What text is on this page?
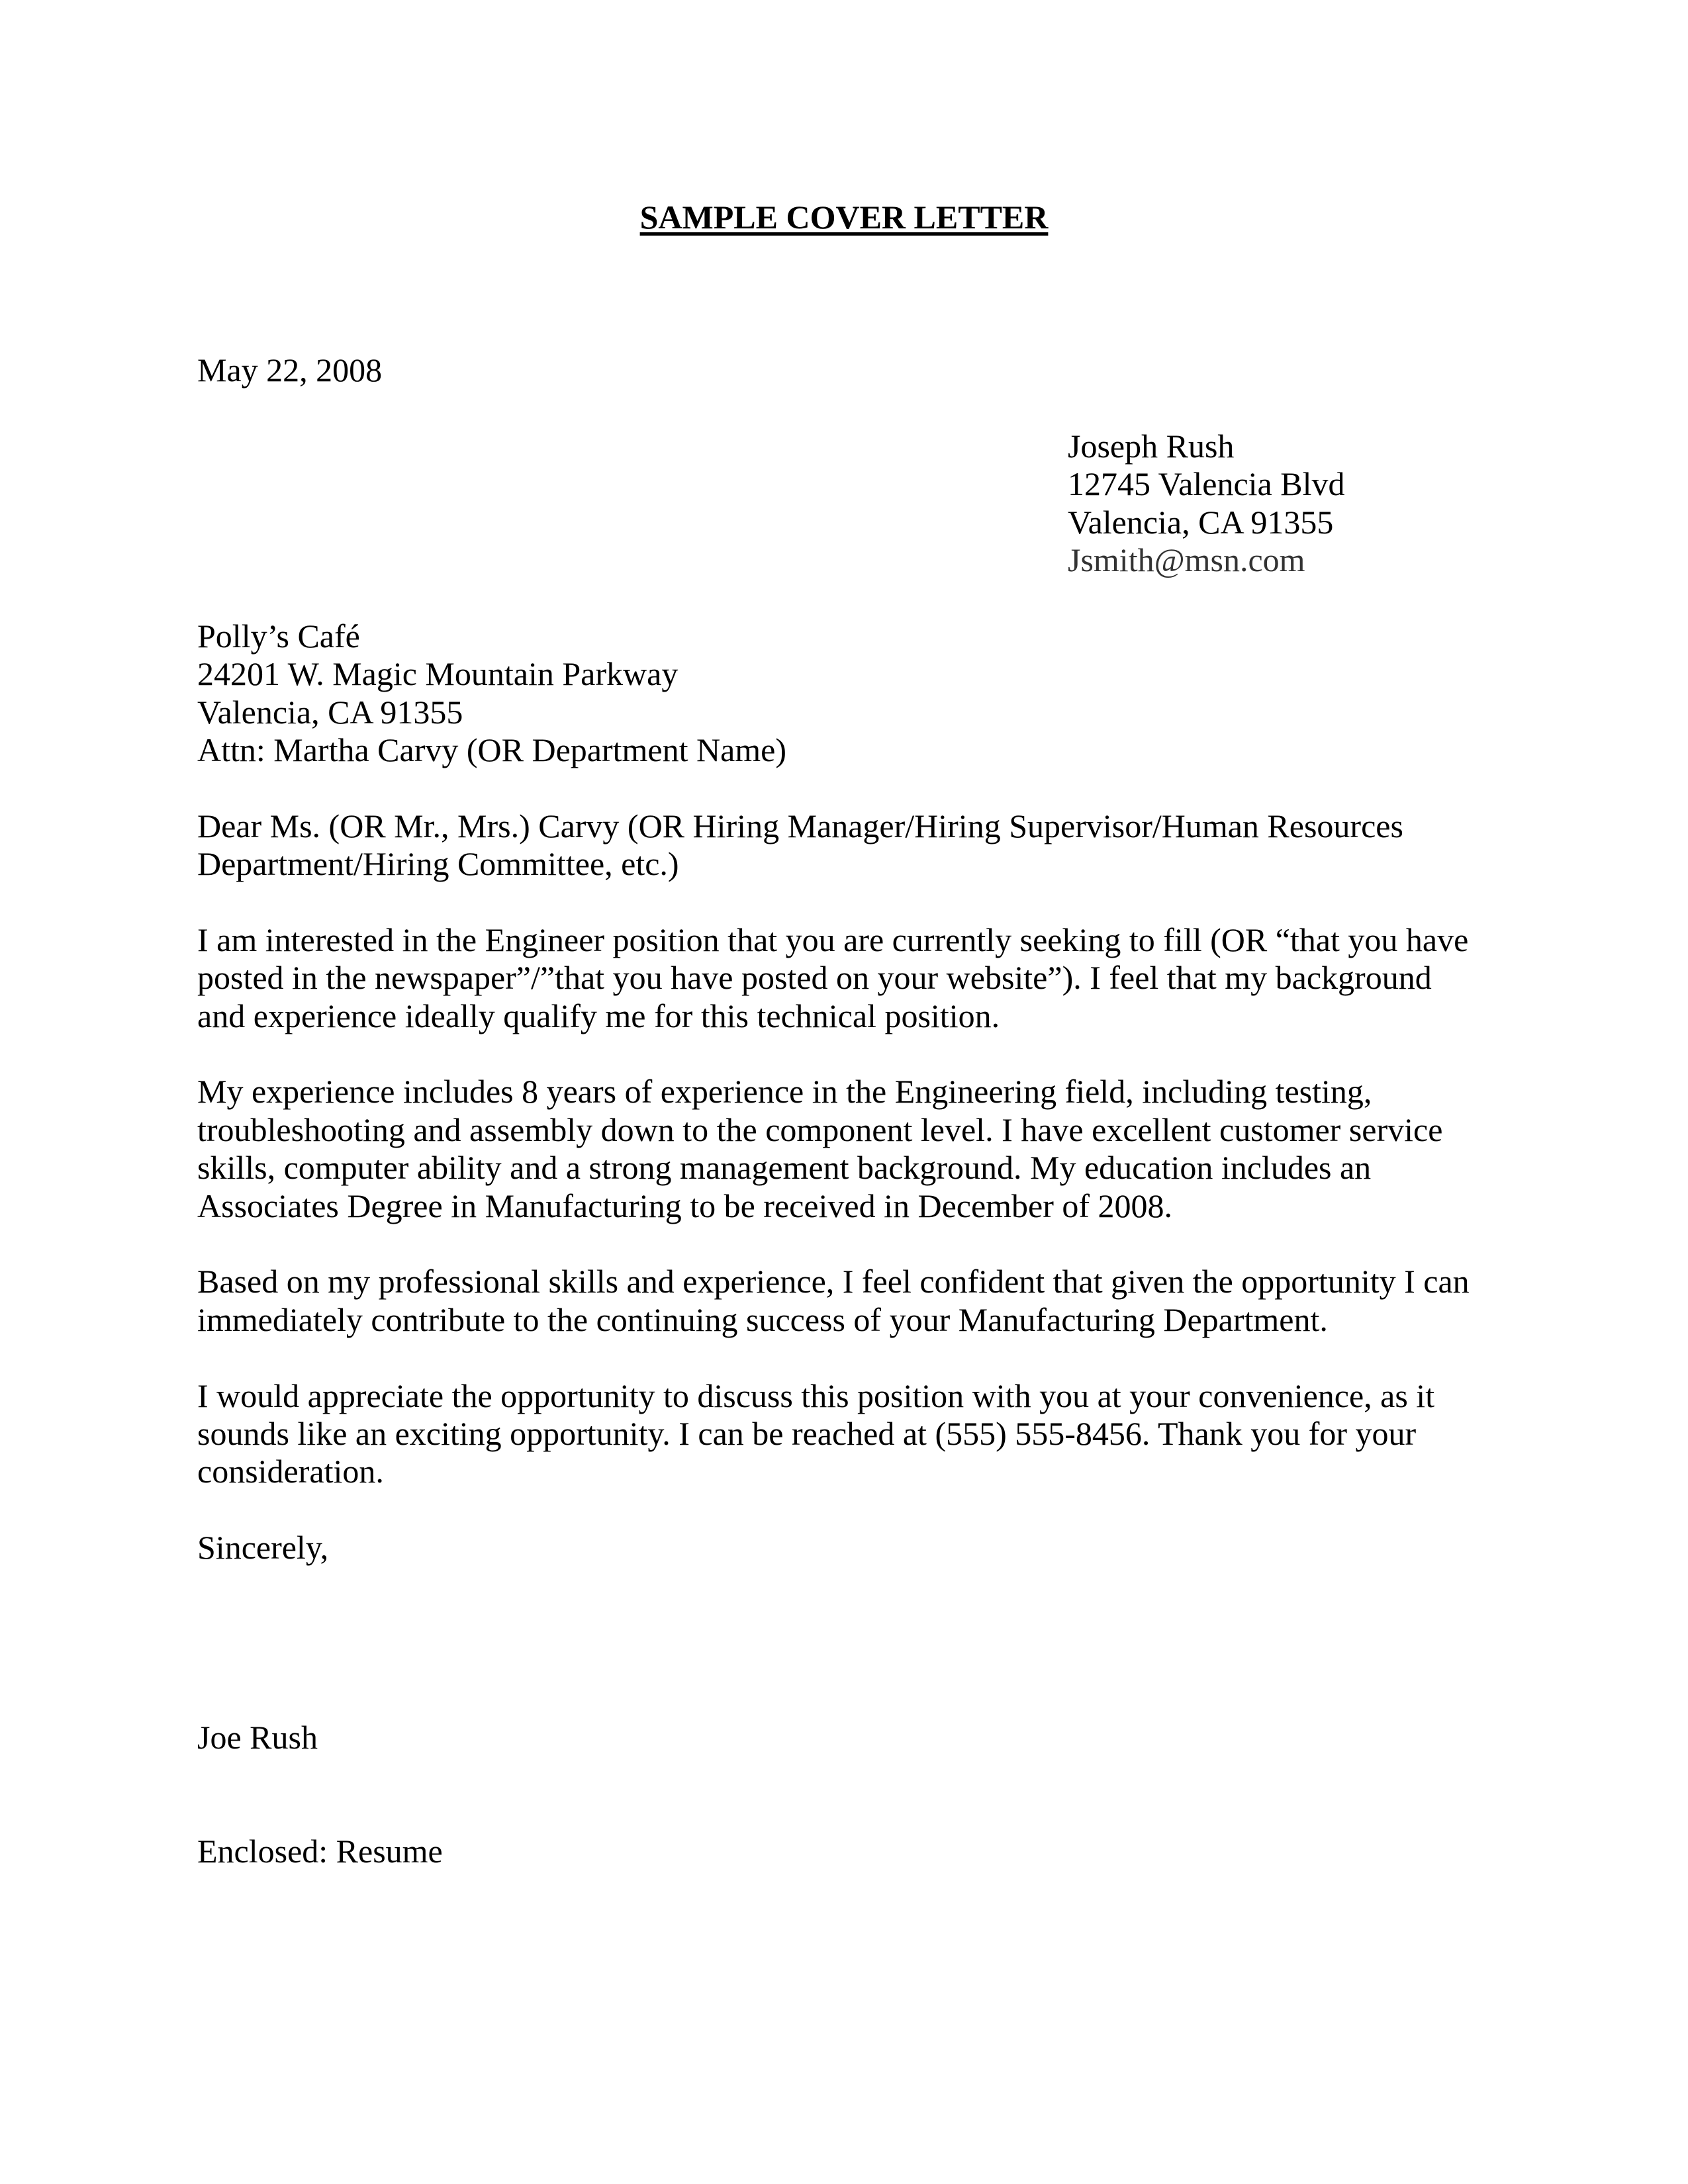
SAMPLE COVER LETTER
May 22, 2008
Joseph Rush
12745 Valencia Blvd
Valencia, CA 91355
Jsmith@msn.com
Polly’s Café
24201 W. Magic Mountain Parkway
Valencia, CA 91355
Attn: Martha Carvy (OR Department Name)
Dear Ms. (OR Mr., Mrs.) Carvy (OR Hiring Manager/Hiring Supervisor/Human Resources
Department/Hiring Committee, etc.)
I am interested in the Engineer position that you are currently seeking to fill (OR “that you have
posted in the newspaper”/”that you have posted on your website”). I feel that my background
and experience ideally qualify me for this technical position.
My experience includes 8 years of experience in the Engineering field, including testing,
troubleshooting and assembly down to the component level. I have excellent customer service
skills, computer ability and a strong management background. My education includes an
Associates Degree in Manufacturing to be received in December of 2008.
Based on my professional skills and experience, I feel confident that given the opportunity I can
immediately contribute to the continuing success of your Manufacturing Department.
I would appreciate the opportunity to discuss this position with you at your convenience, as it
sounds like an exciting opportunity. I can be reached at (555) 555-8456. Thank you for your
consideration.
Sincerely,
Joe Rush
Enclosed: Resume
